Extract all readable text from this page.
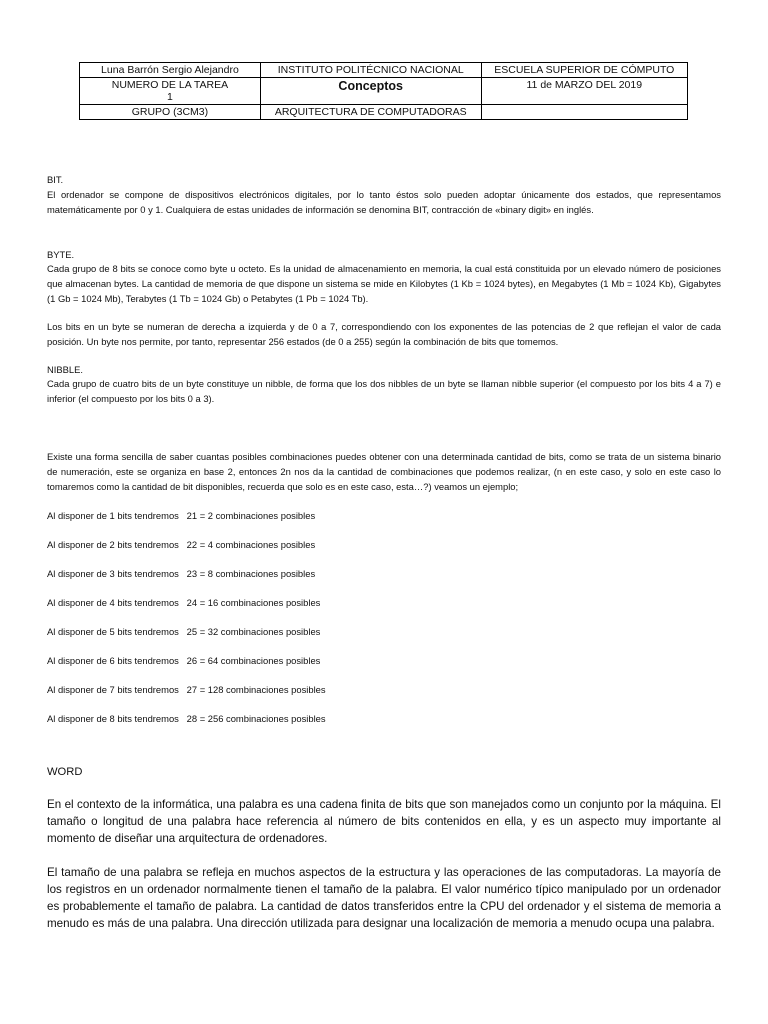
Luna Barrón Sergio Alejandro	INSTITUTO POLITÉCNICO NACIONAL	ESCUELA SUPERIOR DE CÓMPUTO

NUMERO DE LA TAREA
1	Conceptos	11 de MARZO DEL 2019
GRUPO (3CM3)	ARQUITECTURA DE COMPUTADORAS	

BIT.

El ordenador se compone de dispositivos electrónicos digitales, por lo tanto éstos solo pueden adoptar únicamente dos estados, que representamos matemáticamente por 0 y 1. Cualquiera de estas unidades de información se denomina BIT, contracción de «binary digit» en inglés.

BYTE.

Cada grupo de 8 bits se conoce como byte u octeto. Es la unidad de almacenamiento en memoria, la cual está constituida por un elevado número de posiciones que almacenan bytes. La cantidad de memoria de que dispone un sistema se mide en Kilobytes (1 Kb = 1024 bytes), en Megabytes (1 Mb = 1024 Kb), Gigabytes (1 Gb = 1024 Mb), Terabytes (1 Tb = 1024 Gb) o Petabytes (1 Pb = 1024 Tb).

Los bits en un byte se numeran de derecha a izquierda y de 0 a 7, correspondiendo con los exponentes de las potencias de 2 que reflejan el valor de cada posición. Un byte nos permite, por tanto, representar 256 estados (de 0 a 255) según la combinación de bits que tomemos.

NIBBLE.

Cada grupo de cuatro bits de un byte constituye un nibble, de forma que los dos nibbles de un byte se llaman nibble superior (el compuesto por los bits 4 a 7) e inferior (el compuesto por los bits 0 a 3).

Existe una forma sencilla de saber cuantas posibles combinaciones puedes obtener con una determinada cantidad de bits, como se trata de un sistema binario de numeración, este se organiza en base 2, entonces 2n nos da la cantidad de combinaciones que podemos realizar, (n en este caso, y solo en este caso lo tomaremos como la cantidad de bit disponibles, recuerda que solo es en este caso, esta…?) veamos un ejemplo;

Al disponer de 1 bits tendremos   21 = 2 combinaciones posibles

Al disponer de 2 bits tendremos   22 = 4 combinaciones posibles

Al disponer de 3 bits tendremos   23 = 8 combinaciones posibles

Al disponer de 4 bits tendremos   24 = 16 combinaciones posibles

Al disponer de 5 bits tendremos   25 = 32 combinaciones posibles

Al disponer de 6 bits tendremos   26 = 64 combinaciones posibles

Al disponer de 7 bits tendremos   27 = 128 combinaciones posibles

Al disponer de 8 bits tendremos   28 = 256 combinaciones posibles

WORD

En el contexto de la informática, una palabra es una cadena finita de bits que son manejados como un conjunto por la máquina. El tamaño o longitud de una palabra hace referencia al número de bits contenidos en ella, y es un aspecto muy importante al momento de diseñar una arquitectura de ordenadores.

El tamaño de una palabra se refleja en muchos aspectos de la estructura y las operaciones de las computadoras. La mayoría de los registros en un ordenador normalmente tienen el tamaño de la palabra. El valor numérico típico manipulado por un ordenador es probablemente el tamaño de palabra. La cantidad de datos transferidos entre la CPU del ordenador y el sistema de memoria a menudo es más de una palabra. Una dirección utilizada para designar una localización de memoria a menudo ocupa una palabra.
